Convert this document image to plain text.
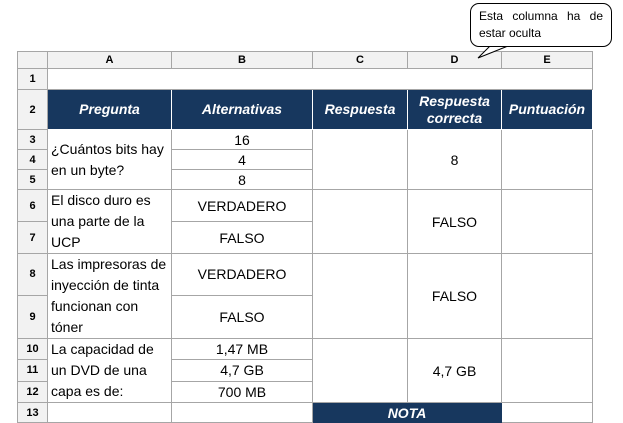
Esta columna ha de estar oculta
	A	B	C	D	E
1					
2	Pregunta	Alternativas	Respuesta	Respuesta correcta	Puntuación
3	¿Cuántos bits hay en un byte?	16		8	
4		4			
5		8			
6	El disco duro es una parte de la UCP	VERDADERO		FALSO	
7		FALSO			
8	Las impresoras de inyección de tinta funcionan con tóner	VERDADERO		FALSO	
9		FALSO			
10	La capacidad de un DVD de una capa es de:	1,47 MB		4,7 GB	
11		4,7 GB			
12		700 MB			
13			NOTA		
